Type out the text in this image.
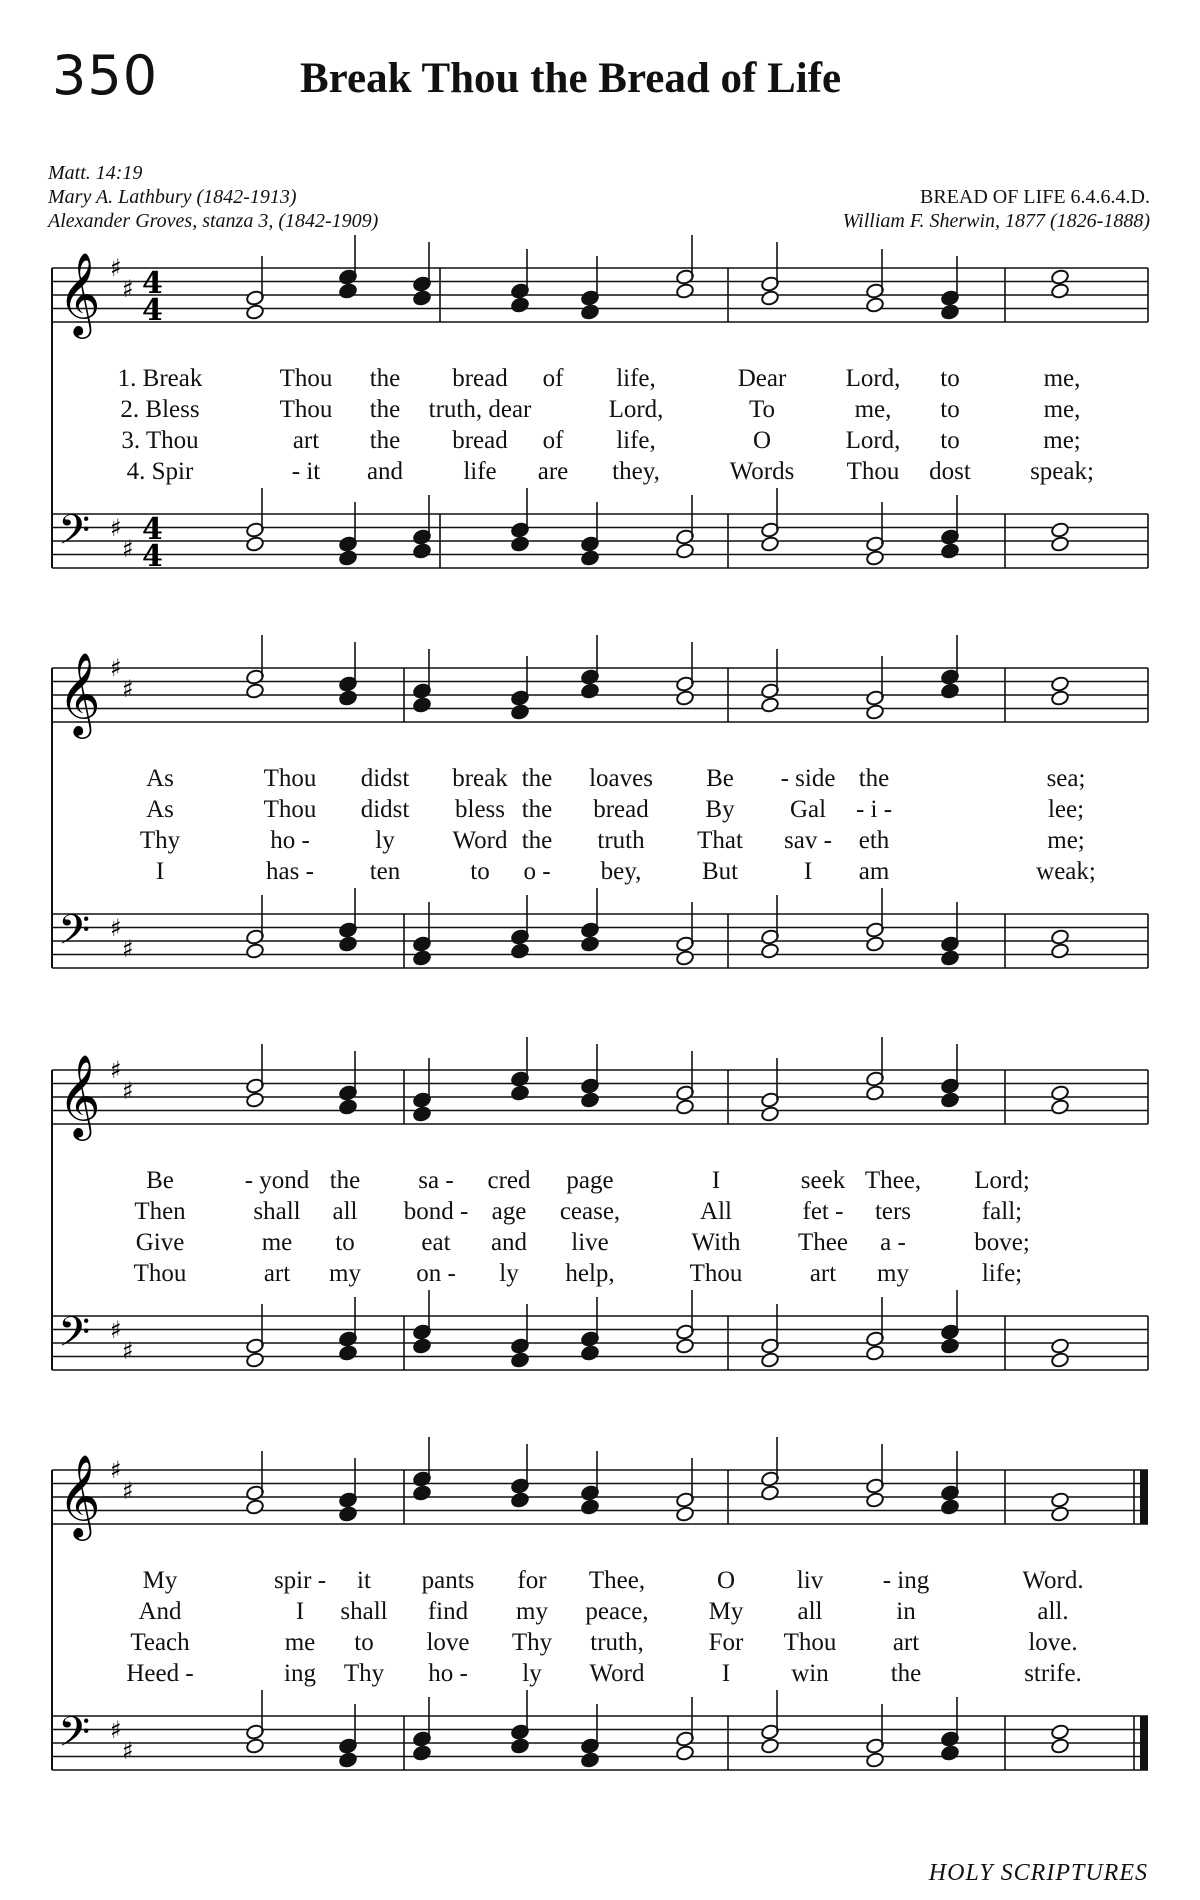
350	Break Thou the Bread of Life
Matt. 14:19
Mary A. Lathbury (1842-1913)
Alexander Groves, stanza 3, (1842-1909)
BREAD OF LIFE 6.4.6.4.D.
William F. Sherwin, 1877 (1826-1888)
𝄞 ♯
♯ 4
4
𝄢 ♯
♯
4
4
1. Break	Thou the bread of life,	Dear Lord, to	me,
2. Bless	Thou the truth, dear	Lord,	To	me, to	me,
3. Thou	art the bread of life,	O	Lord, to	me;
4. Spir	- it and life are they,	Words Thou dost speak;
𝄞 ♯
♯
𝄢 ♯
♯
As	Thou didst break the loaves Be - side the	sea;
As	Thou didst bless the bread By Gal - i -	lee;
Thy	ho -	ly Word the truth That sav - eth	me;
I	has - ten	to o - bey, But	I am	weak;
𝄞 ♯
♯
𝄢 ♯
♯
Be	- yond the sa - cred page	I	seek Thee, Lord;
Then	shall all bond - age cease,	All	fet - ters	fall;
Give	me to	eat and live	With Thee a -	bove;
Thou	art my on - ly help,	Thou	art my	life;
𝄞 ♯
♯
𝄢 ♯
♯
My	spir - it pants for Thee,	O liv - ing	Word.
And	I shall find my peace, My all	in	all.
Teach	me to love Thy truth,	For Thou art	love.
Heed -	ing Thy ho - ly Word	I win the	strife.
HOLY SCRIPTURES
